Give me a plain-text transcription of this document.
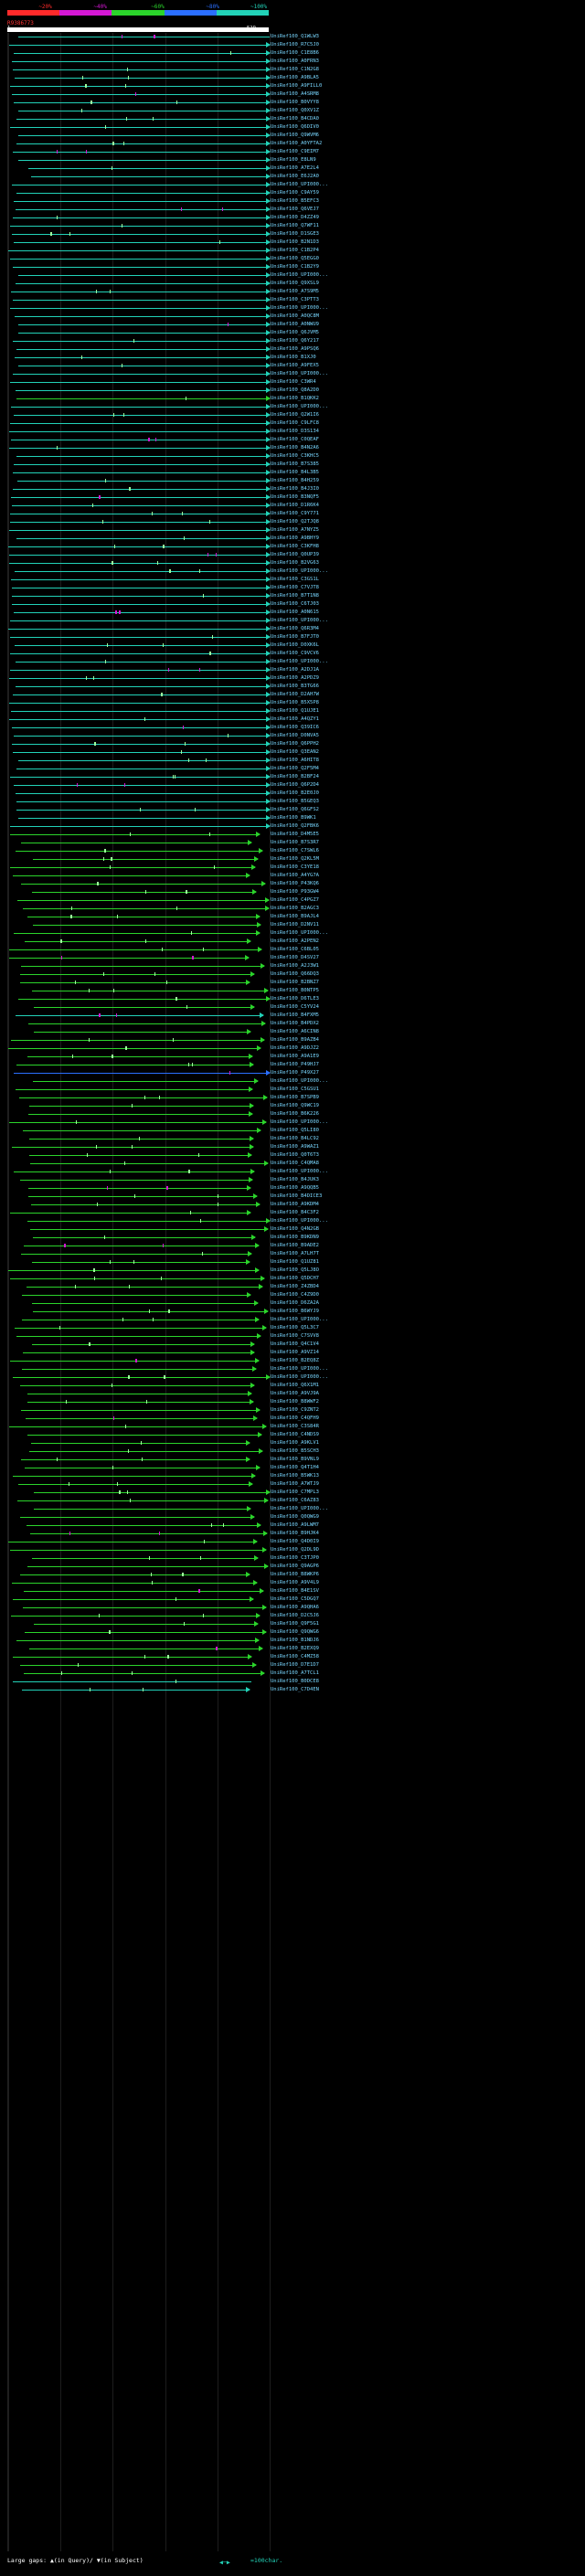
~20%	~40%	~60%	~80%	~100%
R9386773
UniRef100_Q1WLW3
UniRef100_R7C5J0
UniRef100_C1E8B6
UniRef100_A0FRN3
UniRef100_C1N2G8
UniRef100_A9BLA5
UniRef100_A9FILL0
UniRef100_A4SRM8
UniRef100_B0VYY8
UniRef100_Q0XV1Z
UniRef100_B4CDA0
UniRef100_Q6DIV0
UniRef100_Q9WVM6
UniRef100_A0YFTA2
UniRef100_C9EIM7
UniRef100_E8LN9
UniRef100_A7E2L4
UniRef100_E6J2A0
UniRef100_UPI000...
UniRef100_C9AY59
UniRef100_B5EFC3
UniRef100_Q6VEJ7
UniRef100_D4ZZ49
UniRef100_Q7WF11
UniRef100_D1SGE3
UniRef100_B2N1D3
UniRef100_C1B2P4
UniRef100_Q5EGG0
UniRef100_C1B2Y9
UniRef100_UPI000...
UniRef100_Q9XSL9
UniRef100_A7S9M5
UniRef100_C3PTT3
UniRef100_UPI000...
UniRef100_A0QC8M
UniRef100_A0NWU9
UniRef100_Q6JVM5
UniRef100_Q6Y217
UniRef100_A9PSQ6
UniRef100_B1XJ0
UniRef100_A9FEX5
UniRef100_UPI000...
UniRef100_C3WR4
UniRef100_Q8A2D0
UniRef100_B1QKK2
UniRef100_UPI000...
UniRef100_Q2W1I6
UniRef100_C9LFC8
UniRef100_D3S134
UniRef100_C0QEAF
UniRef100_B4N2A6
UniRef100_C3KHC5
UniRef100_B7S385
UniRef100_B4L3B5
UniRef100_B4H259
UniRef100_B4J3I0
UniRef100_B3NQF5
UniRef100_D1R6K4
UniRef100_C9Y771
UniRef100_Q2TJQ8
UniRef100_A7NYZ5
UniRef100_A9BHY9
UniRef100_C3KFH8
UniRef100_Q0UP39
UniRef100_B2VG63
UniRef100_UPI000...
UniRef100_C3GS1L
UniRef100_C7VJT8
UniRef100_B7T1N8
UniRef100_C6TJ03
UniRef100_A0N615
UniRef100_UPI000...
UniRef100_Q6R3M4
UniRef100_B7FJT0
UniRef100_D0XK6L
UniRef100_C9VCV6
UniRef100_UPI000...
UniRef100_A2DJ1A
UniRef100_A2PDZ9
UniRef100_B3TG66
UniRef100_D2AH7W
UniRef100_B5X5P8
UniRef100_Q1UJE1
UniRef100_A4QZY1
UniRef100_Q39IC6
UniRef100_D0NVA5
UniRef100_Q6PPH2
UniRef100_Q3EAN2
UniRef100_A6HIT8
UniRef100_Q2F5M4
UniRef100_B2BF24
UniRef100_Q6P2D4
UniRef100_B2E0J0
UniRef100_B5GEQ3
UniRef100_Q6GFS2
UniRef100_B9WK1
UniRef100_Q2FBK6
UniRef100_D4M5E5
UniRef100_B7S3R7
UniRef100_C7SWL6
UniRef100_Q2KL5M
UniRef100_C3YE18
UniRef100_A4YG7A
UniRef100_P43KQ6
UniRef100_P93GW4
UniRef100_C4PGZ7
UniRef100_B2AGC3
UniRef100_B9AJL4
UniRef100_D2NV11
UniRef100_UPI000...
UniRef100_A2PEN2
UniRef100_C6BL05
UniRef100_D4SV27
UniRef100_A2J3W1
UniRef100_Q66DQ3
UniRef100_B2BNZ7
UniRef100_B0NTP5
UniRef100_D6TLE3
UniRef100_C5YV24
UniRef100_B4FXM5
UniRef100_B4PDX2
UniRef100_A6CIN8
UniRef100_B9AZB4
UniRef100_A9DJZ2
UniRef100_A9A1E9
UniRef100_P49HJ7
UniRef100_P49X27
UniRef100_UPI000...
UniRef100_C5GSU1
UniRef100_B7SPB9
UniRef100_Q9WC19
UniRef100_B6K226
UniRef100_UPI000...
UniRef100_Q5LI80
UniRef100_B4LC92
UniRef100_A9WAZ1
UniRef100_Q0T6T3
UniRef100_C4QMA8
UniRef100_UPI000...
UniRef100_B4JUK3
UniRef100_A9QQB5
UniRef100_B4DICE3
UniRef100_A9KDM4
UniRef100_B4C3F2
UniRef100_UPI000...
UniRef100_Q4N2GB
UniRef100_B9KDN9
UniRef100_B9ADE2
UniRef100_A7LH7T
UniRef100_Q1UZ81
UniRef100_Q5LJ8O
UniRef100_Q5DCH7
UniRef100_Z4ZBD4
UniRef100_C4Z9D0
UniRef100_D6ZA2A
UniRef100_B6WYJ9
UniRef100_UPI000...
UniRef100_Q5L3C7
UniRef100_C7SVV8
UniRef100_Q4C1V4
UniRef100_A9VZ14
UniRef100_B2EQ8Z
UniRef100_UPI000...
UniRef100_UPI000...
UniRef100_Q6X1M1
UniRef100_A9VJ9A
UniRef100_B8WWF2
UniRef100_C9ZNT2
UniRef100_C4QFH9
UniRef100_C3S84R
UniRef100_C4NDS9
UniRef100_A9KLV1
UniRef100_B5SCH3
UniRef100_B9VNL9
UniRef100_Q4T1H4
UniRef100_B5WK13
UniRef100_A7WTJ9
UniRef100_C7MPL3
UniRef100_C6AZ83
UniRef100_UPI000...
UniRef100_Q0QWG9
UniRef100_A9LWM7
UniRef100_B9HJK4
UniRef100_Q4D0I9
UniRef100_Q2DL9D
UniRef100_C3TJP0
UniRef100_Q9AGP6
UniRef100_B8WKP6
UniRef100_A9V4L9
UniRef100_B4E1SV
UniRef100_C5DGQ7
UniRef100_A9QHA6
UniRef100_D2C5J6
UniRef100_Q9F5G1
UniRef100_Q9QWG6
UniRef100_B1NDJ6
UniRef100_B2EXQ9
UniRef100_C4MZ58
UniRef100_D7E1D7
UniRef100_A7TCL1
UniRef100_B0DCE8
UniRef100_C7D4EN
Large gaps: ▲(in Query)/ ▼(in Subject)	◀─▶	=100char.
